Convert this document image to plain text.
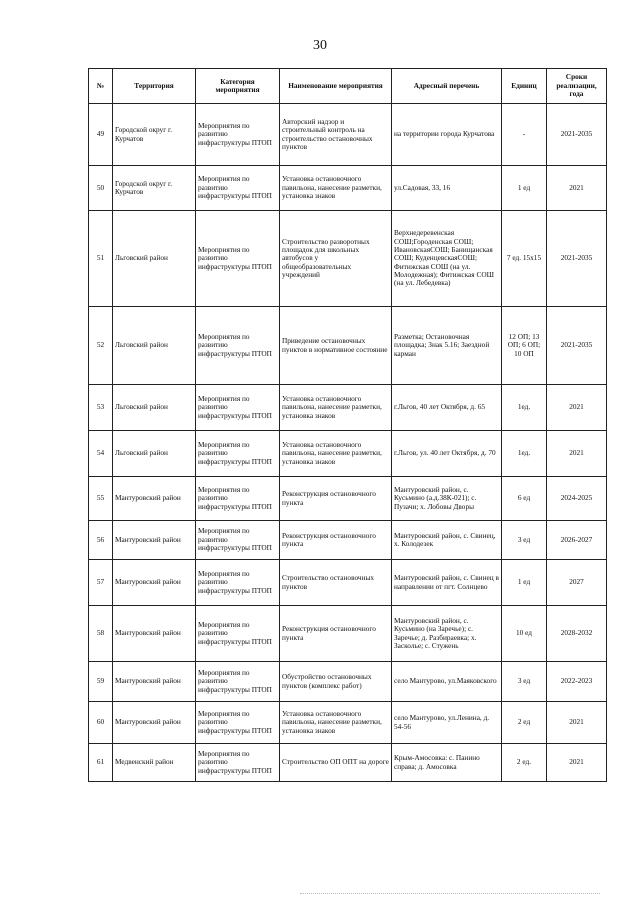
30
№	Территория	Категория мероприятия	Наименование мероприятия	Адресный перечень	Единиц	Сроки реализации, года
49	Городской округ г. Курчатов	Мероприятия по развитию инфраструктуры ПТОП	Авторский надзор и строительный контроль на строительство остановочных пунктов	на территории города Курчатова	-	2021-2035
50	Городской округ г. Курчатов	Мероприятия по развитию инфраструктуры ПТОП	Установка остановочного павильона, нанесение разметки, установка знаков	ул.Садовая, 33, 16	1 ед	2021
51	Льговский район	Мероприятия по развитию инфраструктуры ПТОП	Строительство разворотных площадок для школьных автобусов у общеобразовательных учреждений	Верхнедеревенская СОШ;Городенская СОШ; ИвановскаяСОШ; Банищанская СОШ; КуденцевскаяСОШ; Фитижская СОШ (на ул. Молодежная); Фитижская СОШ (на ул. Лебедевка)	7 ед. 15x15	2021-2035
52	Льговский район	Мероприятия по развитию инфраструктуры ПТОП	Приведение остановочных пунктов в нормативное состояние	Разметка; Остановочная площадка; Знак 5.16; Заездной карман	12 ОП; 13 ОП; 6 ОП; 10 ОП	2021-2035
53	Льговский район	Мероприятия по развитию инфраструктуры ПТОП	Установка остановочного павильона, нанесение разметки, установка знаков	г.Льгов, 40 лет Октября, д. 65	1ед.	2021
54	Льговский район	Мероприятия по развитию инфраструктуры ПТОП	Установка остановочного павильона, нанесение разметки, установка знаков	г.Льгов, ул. 40 лет Октября, д. 70	1ед.	2021
55	Мантуровский район	Мероприятия по развитию инфраструктуры ПТОП	Реконструкция остановочного пункта	Мантуровский район, с. Кусьмино (а.д.38К-021); с. Пузачи; х. Лобовы Дворы	6 ед	2024-2025
56	Мантуровский район	Мероприятия по развитию инфраструктуры ПТОП	Реконструкция остановочного пункта	Мантуровский район, с. Свинец, х. Колодезек	3 ед	2026-2027
57	Мантуровский район	Мероприятия по развитию инфраструктуры ПТОП	Строительство остановочных пунктов	Мантуровский район, с. Свинец в направлении от пгт. Солнцево	1 ед	2027
58	Мантуровский район	Мероприятия по развитию инфраструктуры ПТОП	Реконструкция остановочного пункта	Мантуровский район, с. Кусьмино (на Заречье); с. Заречье; д. Разбираевка; х. Засколье; с. Стужень	10 ед	2028-2032
59	Мантуровский район	Мероприятия по развитию инфраструктуры ПТОП	Обустройство остановочных пунктов (комплекс работ)	село Мантурово, ул.Маяковского	3 ед	2022-2023
60	Мантуровский район	Мероприятия по развитию инфраструктуры ПТОП	Установка остановочного павильона, нанесение разметки, установка знаков	село Мантурово, ул.Ленина, д. 54-56	2 ед	2021
61	Медвенский район	Мероприятия по развитию инфраструктуры ПТОП	Строительство ОП ОПТ на дороге	Крым-Амосовка: с. Панино справа; д. Амосовка	2 ед.	2021
